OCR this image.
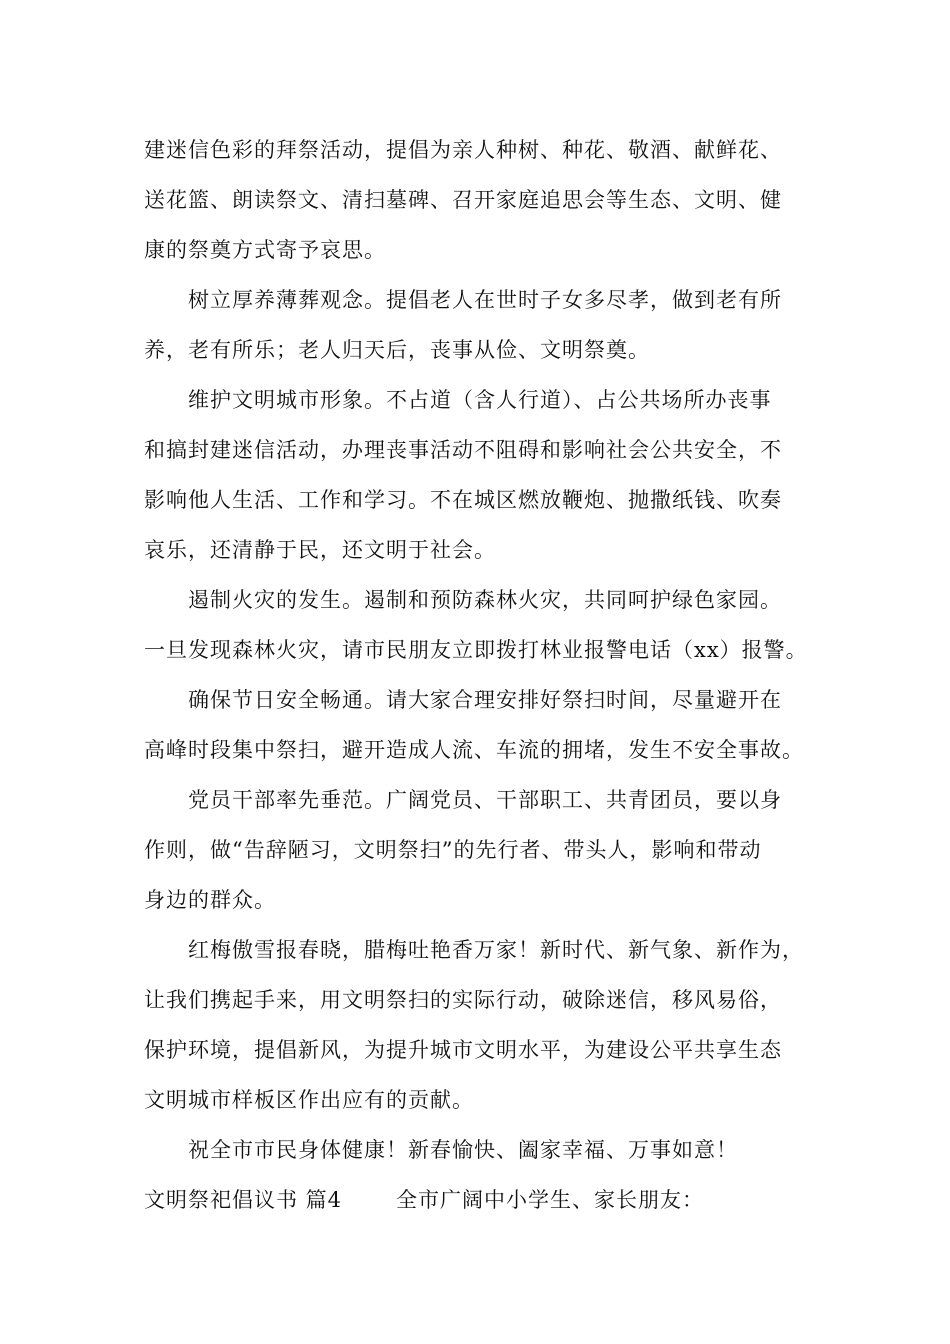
建迷信色彩的拜祭活动，提倡为亲人种树、种花、敬酒、献鲜花、
送花篮、朗读祭文、清扫墓碑、召开家庭追思会等生态、文明、健
康的祭奠方式寄予哀思。
树立厚养薄葬观念。提倡老人在世时子女多尽孝，做到老有所
养，老有所乐；老人归天后，丧事从俭、文明祭奠。
维护文明城市形象。不占道（含人行道）、占公共场所办丧事
和搞封建迷信活动，办理丧事活动不阻碍和影响社会公共安全，不
影响他人生活、工作和学习。不在城区燃放鞭炮、抛撒纸钱、吹奏
哀乐，还清静于民，还文明于社会。
遏制火灾的发生。遏制和预防森林火灾，共同呵护绿色家园。
一旦发现森林火灾，请市民朋友立即拨打林业报警电话（xx）报警。
确保节日安全畅通。请大家合理安排好祭扫时间，尽量避开在
高峰时段集中祭扫，避开造成人流、车流的拥堵，发生不安全事故。
党员干部率先垂范。广阔党员、干部职工、共青团员，要以身
作则，做“告辞陋习，文明祭扫”的先行者、带头人，影响和带动
身边的群众。
红梅傲雪报春晓，腊梅吐艳香万家！新时代、新气象、新作为，
让我们携起手来，用文明祭扫的实际行动，破除迷信，移风易俗，
保护环境，提倡新风，为提升城市文明水平，为建设公平共享生态
文明城市样板区作出应有的贡献。
祝全市市民身体健康！新春愉快、阖家幸福、万事如意！
文明祭祀倡议书 篇4	全市广阔中小学生、家长朋友：
